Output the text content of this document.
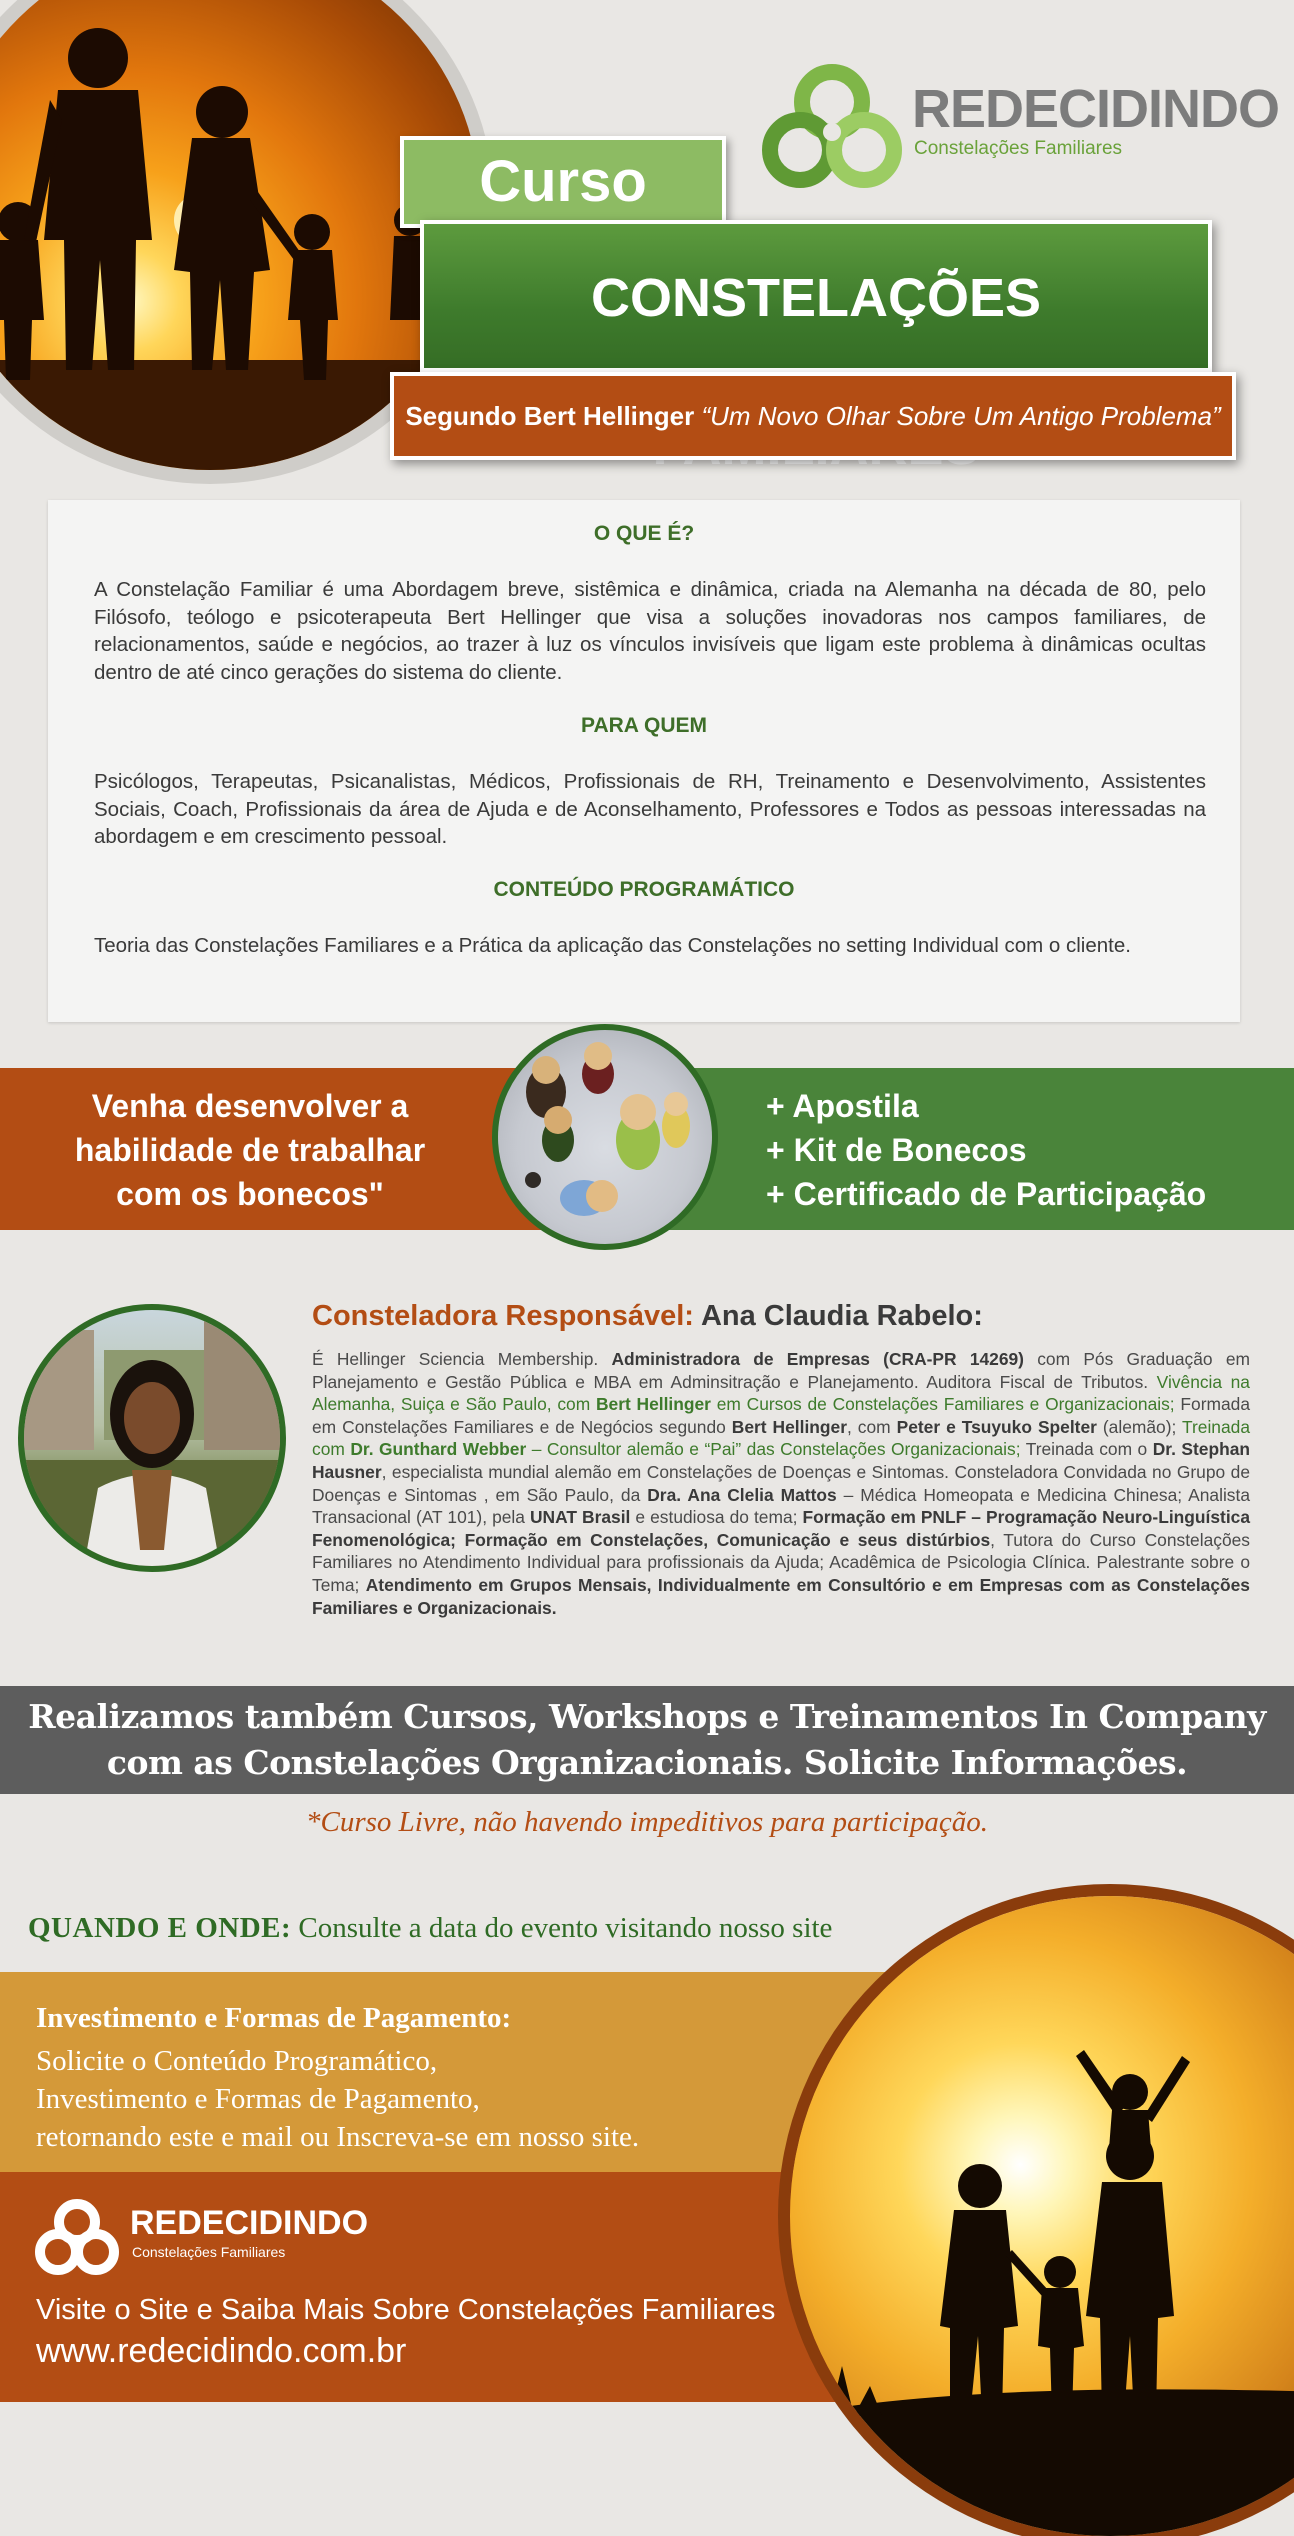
REDECIDINDO
Constelações Familiares
Curso
CONSTELAÇÕES
Segundo Bert Hellinger “Um Novo Olhar Sobre Um Antigo Problema”
O QUE É?

A Constelação Familiar é uma Abordagem breve, sistêmica e dinâmica, criada na Alemanha na década de 80, pelo Filósofo, teólogo e psicoterapeuta Bert Hellinger que visa a soluções inovadoras nos campos familiares, de relacionamentos, saúde e negócios, ao trazer à luz os vínculos invisíveis que ligam este problema à dinâmicas ocultas dentro de até cinco gerações do sistema do cliente.

PARA QUEM

Psicólogos, Terapeutas, Psicanalistas, Médicos, Profissionais de RH, Treinamento e Desenvolvimento, Assistentes Sociais, Coach, Profissionais da área de Ajuda e de Aconselhamento, Professores e Todos as pessoas interessadas na abordagem e em crescimento pessoal.

CONTEÚDO PROGRAMÁTICO

Teoria das Constelações Familiares e a Prática da aplicação das Constelações no setting Individual com o cliente.

Venha desenvolver a
habilidade de trabalhar
com os bonecos"
+ Apostila
+ Kit de Bonecos
+ Certificado de Participação
Consteladora Responsável: Ana Claudia Rabelo:
É Hellinger Sciencia Membership. Administradora de Empresas (CRA-PR 14269) com Pós Graduação em Planejamento e Gestão Pública e MBA em Adminsitração e Planejamento. Auditora Fiscal de Tributos. Vivência na Alemanha, Suiça e São Paulo, com Bert Hellinger em Cursos de Constelações Familiares e Organizacionais; Formada em Constelações Familiares e de Negócios segundo Bert Hellinger, com Peter e Tsuyuko Spelter (alemão); Treinada com Dr. Gunthard Webber – Consultor alemão e “Pai” das Constelações Organizacionais; Treinada com o Dr. Stephan Hausner, especialista mundial alemão em Constelações de Doenças e Sintomas. Consteladora Convidada no Grupo de Doenças e Sintomas , em São Paulo, da Dra. Ana Clelia Mattos – Médica Homeopata e Medicina Chinesa; Analista Transacional (AT 101), pela UNAT Brasil e estudiosa do tema; Formação em PNLF – Programação Neuro-Linguística Fenomenológica; Formação em Constelações, Comunicação e seus distúrbios, Tutora do Curso Constelações Familiares no Atendimento Individual para profissionais da Ajuda; Acadêmica de Psicologia Clínica. Palestrante sobre o Tema; Atendimento em Grupos Mensais, Individualmente em Consultório e em Empresas com as Constelações Familiares e Organizacionais.
Realizamos também Cursos, Workshops e Treinamentos In Company
com as Constelações Organizacionais. Solicite Informações.
*Curso Livre, não havendo impeditivos para participação.
QUANDO E ONDE: Consulte a data do evento visitando nosso site
Investimento e Formas de Pagamento:
Solicite o Conteúdo Programático,
Investimento e Formas de Pagamento,
retornando este e mail ou Inscreva-se em nosso site.
REDECIDINDO
Constelações Familiares
Visite o Site e Saiba Mais Sobre Constelações Familiares
www.redecidindo.com.br
